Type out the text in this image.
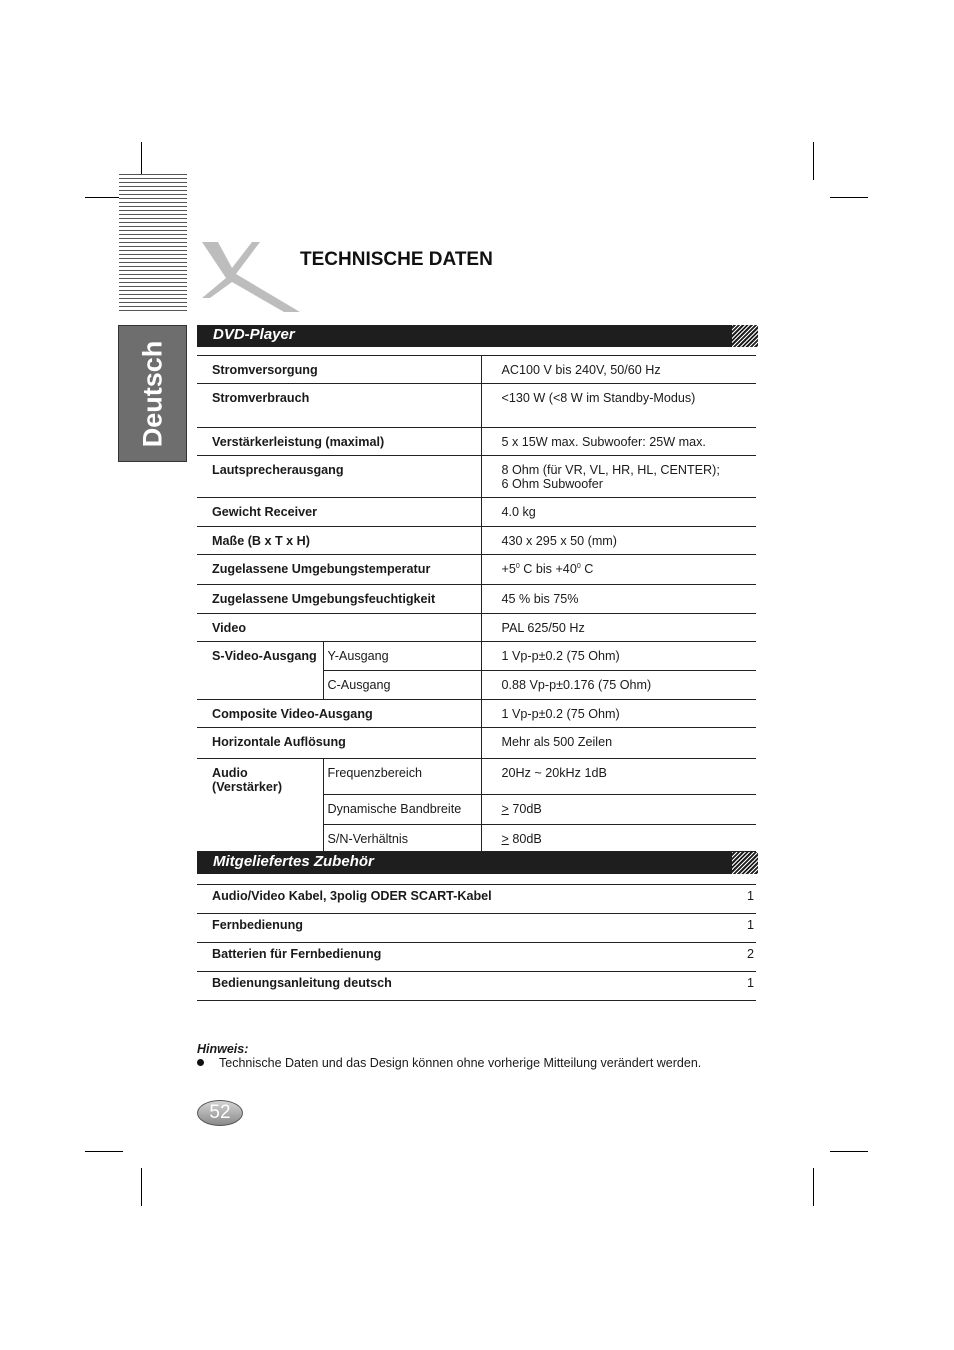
Deutsch
TECHNISCHE DATEN
DVD-Player
Stromversorgung		AC100 V bis 240V, 50/60 Hz
Stromverbrauch		<130 W (<8 W im Standby-Modus)
Verstärkerleistung (maximal)		5 x 15W max. Subwoofer: 25W max.
Lautsprecherausgang		8 Ohm (für VR, VL, HR, HL, CENTER);
6 Ohm Subwoofer

Gewicht Receiver		4.0 kg
Maße (B x T x H)		430 x 295 x 50 (mm)
Zugelassene Umgebungstemperatur		$+5^0$ C bis $+40^0$ C
Zugelassene Umgebungsfeuchtigkeit		45 % bis 75%
Video		PAL 625/50 Hz
S-Video-Ausgang	Y-Ausgang	1 Vp-p±0.2 (75 Ohm)
	C-Ausgang	0.88 Vp-p±0.176 (75 Ohm)
Composite Video-Ausgang		1 Vp-p±0.2 (75 Ohm)
Horizontale Auflösung		Mehr als 500 Zeilen
Audio (Verstärker)	Frequenzbereich	20Hz ~ 20kHz 1dB
	Dynamische Bandbreite	≥ 70dB
	S/N-Verhältnis	≥ 80dB
Mitgeliefertes Zubehör
Audio/Video Kabel, 3polig ODER SCART-Kabel	1
Fernbedienung	1
Batterien für Fernbedienung	2
Bedienungsanleitung deutsch	1
Hinweis:
Technische Daten und das Design können ohne vorherige Mitteilung verändert werden.
52
